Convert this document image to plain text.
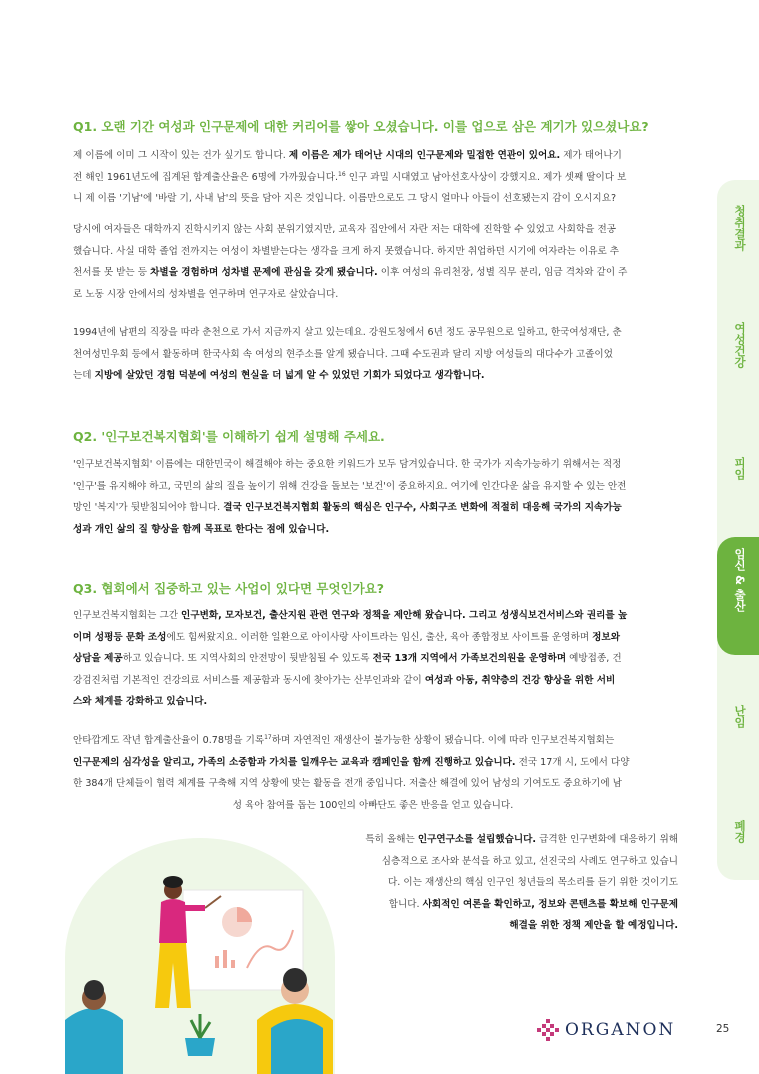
청취결과
여성건강
피임
임신 & 출산
난임
폐경
Q1. 오랜 기간 여성과 인구문제에 대한 커리어를 쌓아 오셨습니다. 이를 업으로 삼은 계기가 있으셨나요?
제 이름에 이미 그 시작이 있는 건가 싶기도 합니다. 제 이름은 제가 태어난 시대의 인구문제와 밀접한 연관이 있어요. 제가 태어나기
전 해인 1961년도에 집계된 합계출산율은 6명에 가까웠습니다.$^{16}$ 인구 과밀 시대였고 남아선호사상이 강했지요. 제가 셋째 딸이다 보
니 제 이름 '기남'에 '바랄 기, 사내 남'의 뜻을 담아 지은 것입니다. 이름만으로도 그 당시 얼마나 아들이 선호됐는지 감이 오시지요?
당시에 여자들은 대학까지 진학시키지 않는 사회 분위기였지만, 교육자 집안에서 자란 저는 대학에 진학할 수 있었고 사회학을 전공
했습니다. 사실 대학 졸업 전까지는 여성이 차별받는다는 생각을 크게 하지 못했습니다. 하지만 취업하던 시기에 여자라는 이유로 추
천서를 못 받는 등 차별을 경험하며 성차별 문제에 관심을 갖게 됐습니다. 이후 여성의 유리천장, 성별 직무 분리, 임금 격차와 같이 주
로 노동 시장 안에서의 성차별을 연구하며 연구자로 살았습니다.
1994년에 남편의 직장을 따라 춘천으로 가서 지금까지 살고 있는데요. 강원도청에서 6년 정도 공무원으로 일하고, 한국여성재단, 춘
천여성민우회 등에서 활동하며 한국사회 속 여성의 현주소를 알게 됐습니다. 그때 수도권과 달리 지방 여성들의 대다수가 고졸이었
는데 지방에 살았던 경험 덕분에 여성의 현실을 더 넓게 알 수 있었던 기회가 되었다고 생각합니다.
Q2. '인구보건복지협회'를 이해하기 쉽게 설명해 주세요.
'인구보건복지협회' 이름에는 대한민국이 해결해야 하는 중요한 키워드가 모두 담겨있습니다. 한 국가가 지속가능하기 위해서는 적정
'인구'를 유지해야 하고, 국민의 삶의 질을 높이기 위해 건강을 돌보는 '보건'이 중요하지요. 여기에 인간다운 삶을 유지할 수 있는 안전
망인 '복지'가 뒷받침되어야 합니다. 결국 인구보건복지협회 활동의 핵심은 인구수, 사회구조 변화에 적절히 대응해 국가의 지속가능
성과 개인 삶의 질 향상을 함께 목표로 한다는 점에 있습니다.
Q3. 협회에서 집중하고 있는 사업이 있다면 무엇인가요?
인구보건복지협회는 그간 인구변화, 모자보건, 출산지원 관련 연구와 정책을 제안해 왔습니다. 그리고 성생식보건서비스와 권리를 높
이며 성평등 문화 조성에도 힘써왔지요. 이러한 일환으로 아이사랑 사이트라는 임신, 출산, 육아 종합정보 사이트를 운영하며 정보와
상담을 제공하고 있습니다. 또 지역사회의 안전망이 뒷받침될 수 있도록 전국 13개 지역에서 가족보건의원을 운영하며 예방접종, 건
강검진처럼 기본적인 건강의료 서비스를 제공함과 동시에 찾아가는 산부인과와 같이 여성과 아동, 취약층의 건강 향상을 위한 서비
스와 체계를 강화하고 있습니다.
안타깝게도 작년 합계출산율이 0.78명을 기록$^{17}$하며 자연적인 재생산이 불가능한 상황이 됐습니다. 이에 따라 인구보건복지협회는
인구문제의 심각성을 알리고, 가족의 소중함과 가치를 일깨우는 교육과 캠페인을 함께 진행하고 있습니다. 전국 17개 시, 도에서 다양
한 384개 단체들이 협력 체계를 구축해 지역 상황에 맞는 활동을 전개 중입니다. 저출산 해결에 있어 남성의 기여도도 중요하기에 남
성 육아 참여를 돕는 100인의 아빠단도 좋은 반응을 얻고 있습니다.
특히 올해는 인구연구소를 설립했습니다. 급격한 인구변화에 대응하기 위해
심층적으로 조사와 분석을 하고 있고, 선진국의 사례도 연구하고 있습니
다. 이는 재생산의 핵심 인구인 청년들의 목소리를 듣기 위한 것이기도
합니다. 사회적인 여론을 확인하고, 정보와 콘텐츠를 확보해 인구문제
해결을 위한 정책 제안을 할 예정입니다.
ORGANON	25
